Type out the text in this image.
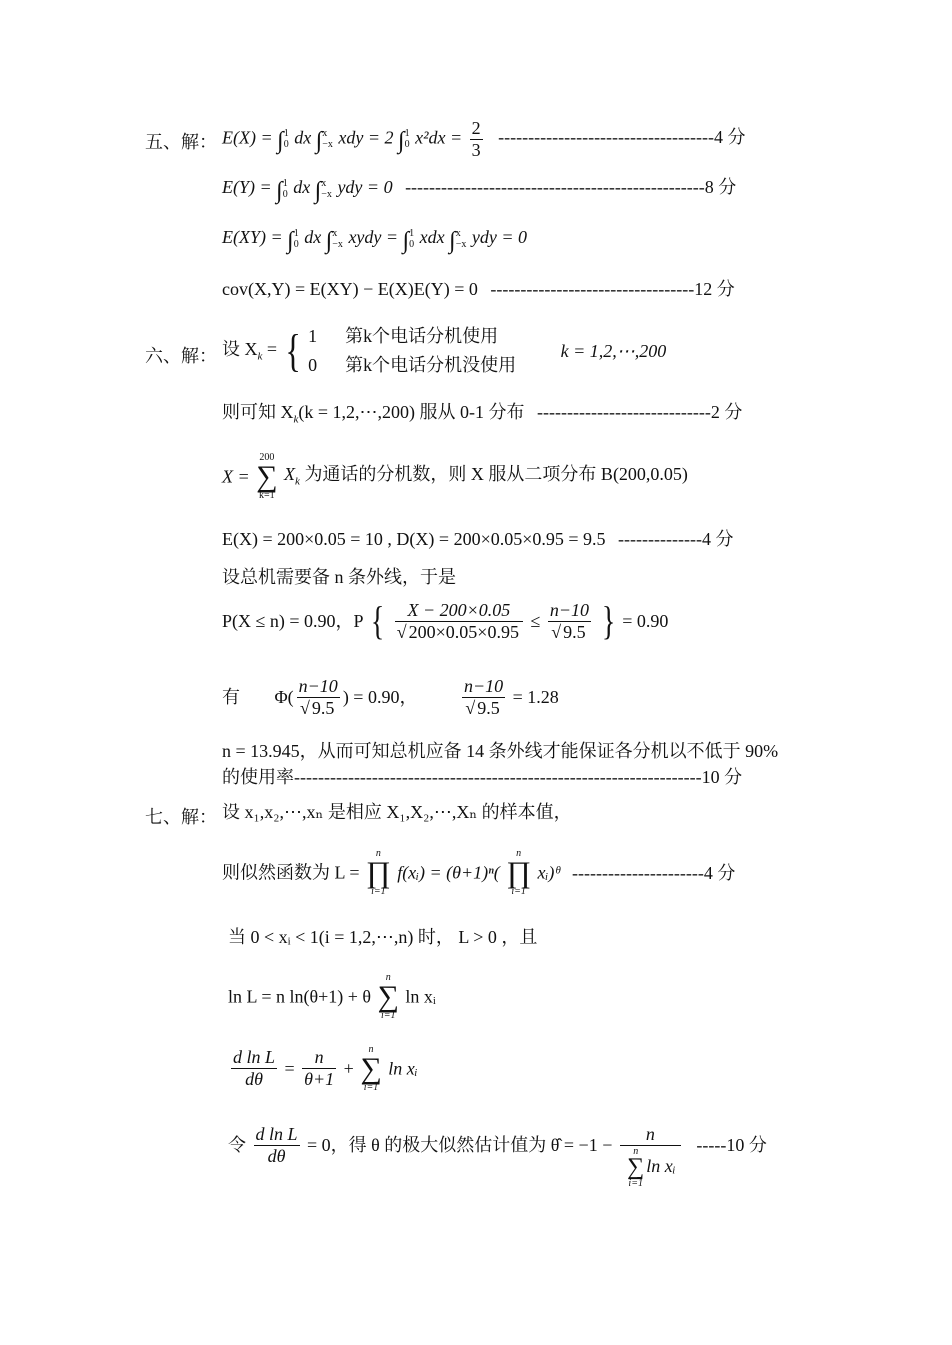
五、解： E(X) = ∫ 1
0 dx ∫ x
−x xdy = 2 ∫ 1
0 $x^2dx = \frac{2}{3} ------------------------------------4$ 分
E(Y) = ∫ 1
0 dx ∫ x
−x ydy = 0 --------------------------------------------------8 分
E(XY) = ∫ 1
0 dx ∫ x
−x xydy = ∫ 1
0 xdx ∫ x
−x ydy = 0
cov(X,Y) = E(XY) − E(X)E(Y) = 0 ----------------------------------12 分
六、解： 设 $X_k$ = { 1 第k个电话分机使用
0 第k个电话分机没使用
k = 1,2,⋯,200
则可知 $X_k(k$ = 1,2,⋯,200) 服从 0-1 分布 -----------------------------2 分
X =
200
∑
k=1
$X_k$ 为通话的分机数，则 X 服从二项分布 B(200,0.05)
E(X) = 200×0.05 = 10 , D(X) = 200×0.05×0.95 = 9.5 --------------4 分
设总机需要备 n 条外线，于是
P(X ≤ n) = 0.90，P { $\frac{X - 200\times 0.05}{√ 200\times 0.05\times 0.95} \le \frac{n-10}{√ 9.5}$ } = 0.90
有 $\Phi( \frac{n-10}{√ 9.5}$ ) = 0.90， $\frac{n-10}{√ 9.5} = 1.28$
n = 13.945，从而可知总机应备 14 条外线才能保证各分机以不低于 90%
的使用率--------------------------------------------------------------------10 分
七、解： 设 x₁,x₂,⋯,xₙ 是相应 X₁,X₂,⋯,Xₙ 的样本值，
则似然函数为 L =
n
∏
i=1
f(xᵢ) = (θ+1)ⁿ(
n
∏
i=1
xᵢ)ᶿ ----------------------4 分
当 0 < xᵢ < 1(i = 1,2,⋯,n) 时， L > 0 ，且
ln L = n ln(θ+1) + θ
n
∑
i=1
ln xᵢ
$\frac{\text{d ln L}}{d\theta} = \frac{n}{\theta+1}$ +
n
∑
i=1
ln xᵢ
令 $\frac{\text{d ln L}}{d\theta} = 0$，得 θ 的极大似然估计值为 θ̂ = −1 − n
n
∑
i=1
ln xᵢ -----10 分
